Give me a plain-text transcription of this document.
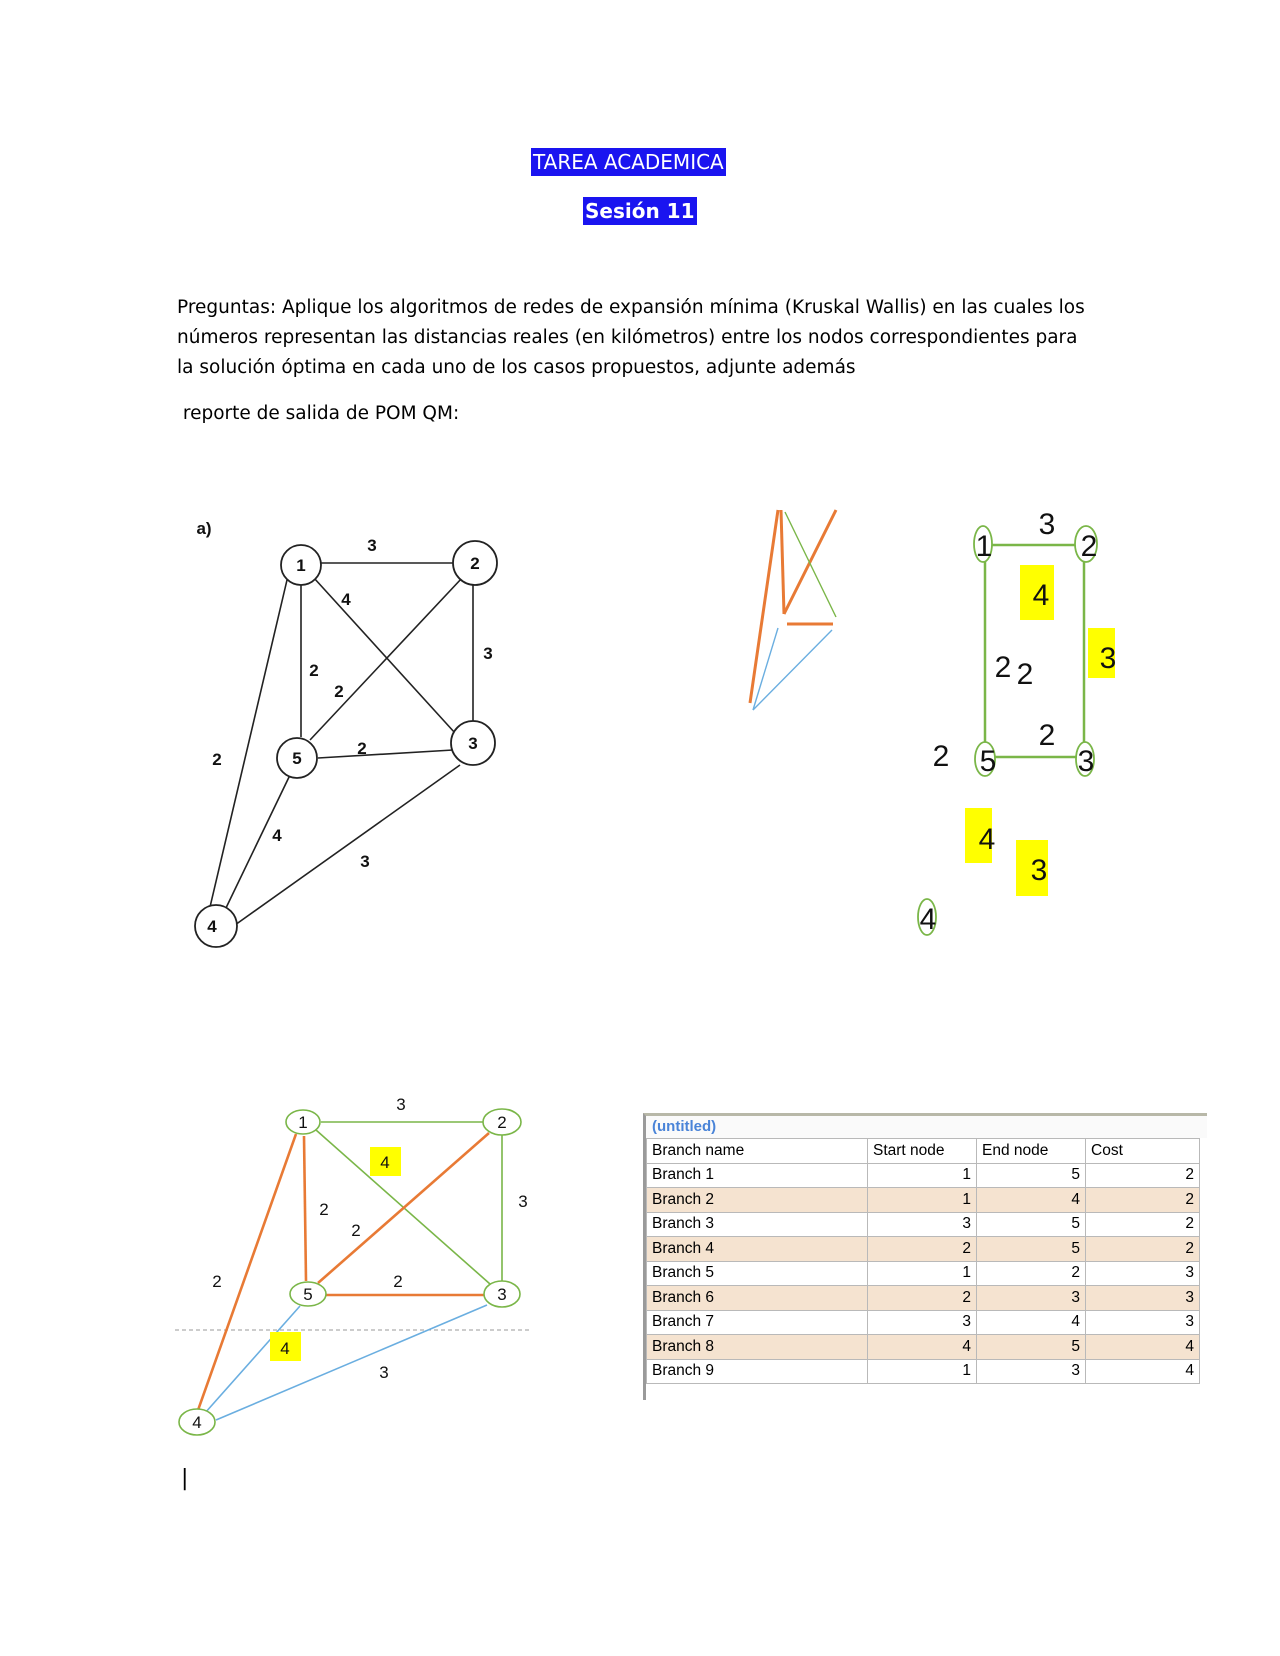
TAREA ACADEMICA
Sesión 11
Preguntas: Aplique los algoritmos de redes de expansión mínima (Kruskal Wallis) en las cuales los
números representan las distancias reales (en kilómetros) entre los nodos correspondientes para
la solución óptima en cada uno de los casos propuestos, adjunte además
reporte de salida de POM QM:
a)
1	2
3
5
4
3
4
2
2
3
2
2
4
3
1	2
5	3
4
3
4
3
2 2
2
2
4
3
1	2
5	3
4
3
4
2
2
3
2
2
4
3
(untitled)
Branch name	Start node	End node	Cost
Branch 1	1	5	2
Branch 2	1	4	2
Branch 3	3	5	2
Branch 4	2	5	2
Branch 5	1	2	3
Branch 6	2	3	3
Branch 7	3	4	3
Branch 8	4	5	4
Branch 9	1	3	4
|
